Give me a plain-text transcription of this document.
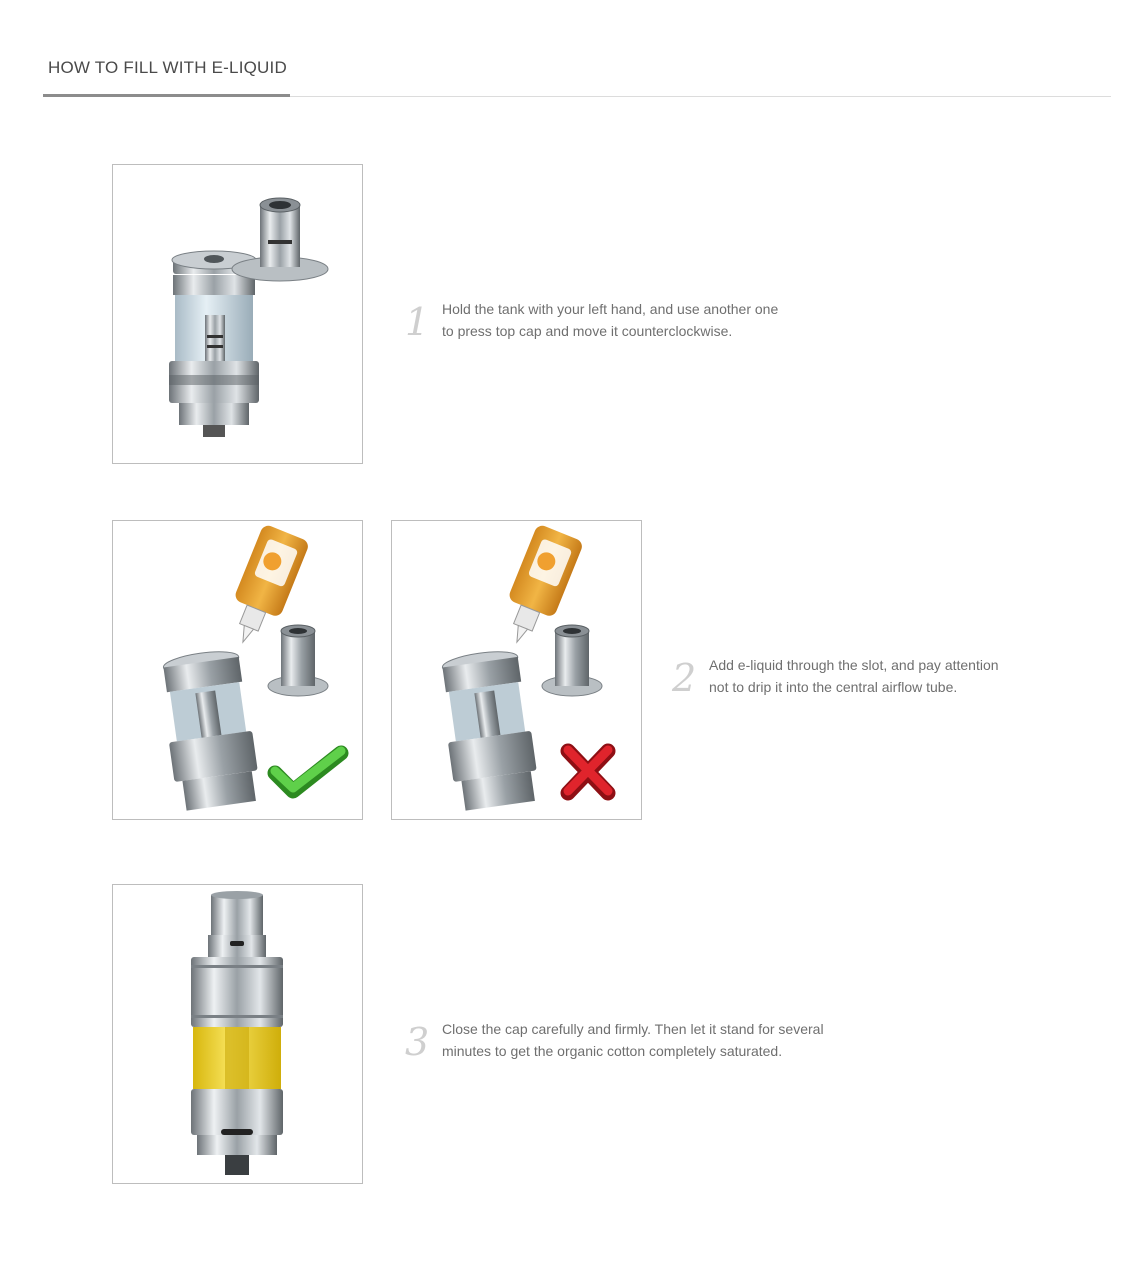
HOW TO FILL WITH E-LIQUID
1 Hold the tank with your left hand, and use another one
to press top cap and move it counterclockwise.
2 Add e-liquid through the slot, and pay attention
not to drip it into the central airflow tube.
3 Close the cap carefully and firmly. Then let it stand for several
minutes to get the organic cotton completely saturated.
